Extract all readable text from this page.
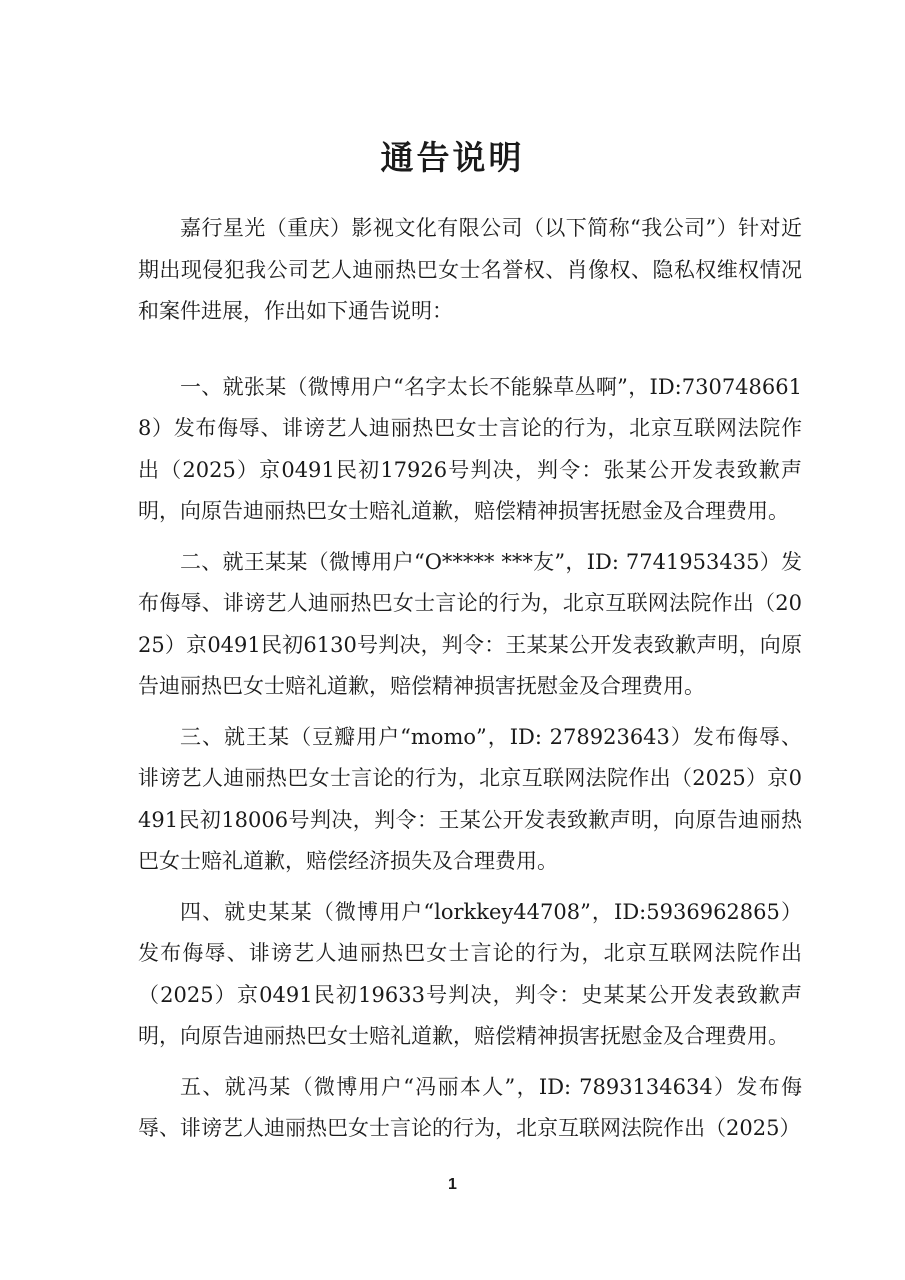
通告说明

嘉行星光（重庆）影视文化有限公司（以下简称“我公司”）针对近期出现侵犯我公司艺人迪丽热巴女士名誉权、肖像权、隐私权维权情况和案件进展，作出如下通告说明：

一、就张某（微博用户“名字太长不能躲草丛啊”，ID:7307486618）发布侮辱、诽谤艺人迪丽热巴女士言论的行为，北京互联网法院作出（2025）京0491民初17926号判决，判令：张某公开发表致歉声明，向原告迪丽热巴女士赔礼道歉，赔偿精神损害抚慰金及合理费用。

二、就王某某（微博用户“O***** ***友”，ID: 7741953435）发布侮辱、诽谤艺人迪丽热巴女士言论的行为，北京互联网法院作出（2025）京0491民初6130号判决，判令：王某某公开发表致歉声明，向原告迪丽热巴女士赔礼道歉，赔偿精神损害抚慰金及合理费用。

三、就王某（豆瓣用户“momo”，ID: 278923643）发布侮辱、诽谤艺人迪丽热巴女士言论的行为，北京互联网法院作出（2025）京0491民初18006号判决，判令：王某公开发表致歉声明，向原告迪丽热巴女士赔礼道歉，赔偿经济损失及合理费用。

四、就史某某（微博用户“lorkkey44708”，ID:5936962865）发布侮辱、诽谤艺人迪丽热巴女士言论的行为，北京互联网法院作出（2025）京0491民初19633号判决，判令：史某某公开发表致歉声明，向原告迪丽热巴女士赔礼道歉，赔偿精神损害抚慰金及合理费用。

五、就冯某（微博用户“冯丽本人”，ID: 7893134634）发布侮辱、诽谤艺人迪丽热巴女士言论的行为，北京互联网法院作出（2025）

1
